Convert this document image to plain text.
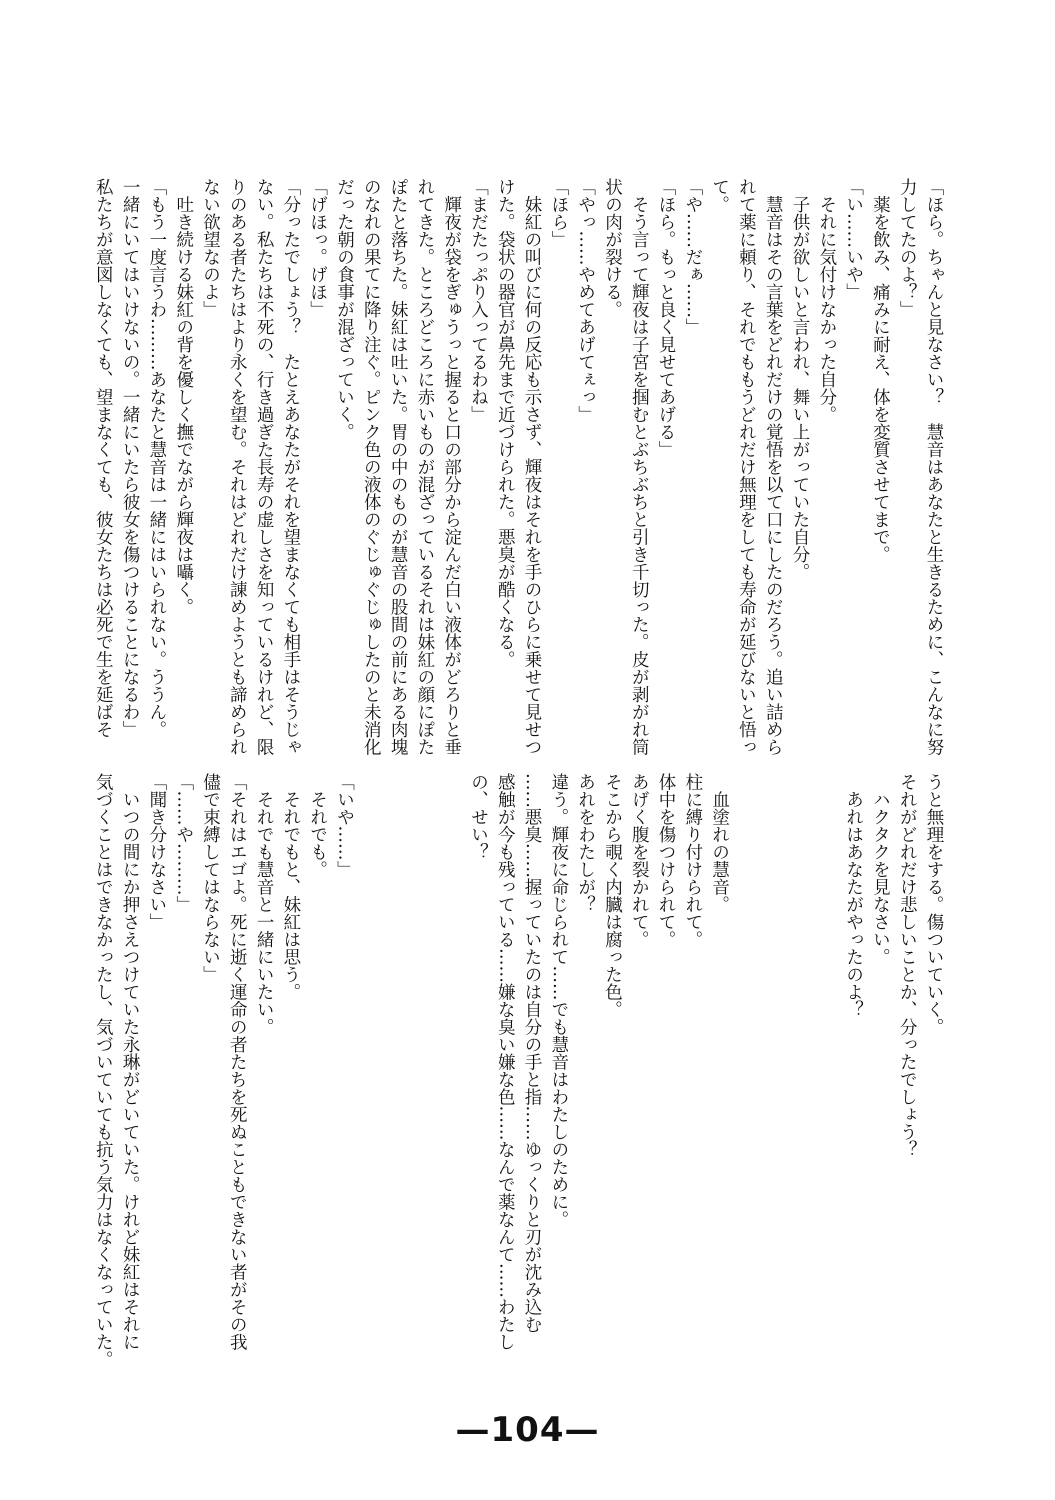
「ほら。ちゃんと見なさい？　慧音はあなたと生きるために、こんなに努

力してたのよ？」

　薬を飲み、痛みに耐え、体を変質させてまで。

「い……いや」

　それに気付けなかった自分。

　子供が欲しいと言われ、舞い上がっていた自分。

　慧音はその言葉をどれだけの覚悟を以て口にしたのだろう。追い詰めら

れて薬に頼り、それでももうどれだけ無理をしても寿命が延びないと悟っ

て。

「や……だぁ……」

「ほら。もっと良く見せてあげる」

　そう言って輝夜は子宮を掴むとぶちぶちと引き千切った。皮が剥がれ筒

状の肉が裂ける。

「やっ……やめてあげてぇっ」

「ほら」

　妹紅の叫びに何の反応も示さず、輝夜はそれを手のひらに乗せて見せつ

けた。袋状の器官が鼻先まで近づけられた。悪臭が酷くなる。

「まだたっぷり入ってるわね」

　輝夜が袋をぎゅうっと握ると口の部分から淀んだ白い液体がどろりと垂

れてきた。ところどころに赤いものが混ざっているそれは妹紅の顔にぽた

ぽたと落ちた。妹紅は吐いた。胃の中のものが慧音の股間の前にある肉塊

のなれの果てに降り注ぐ。ピンク色の液体のぐじゅぐじゅしたのと未消化

だった朝の食事が混ざっていく。

「げほっ。げほ」

「分ったでしょう？　たとえあなたがそれを望まなくても相手はそうじゃ

ない。私たちは不死の、行き過ぎた長寿の虚しさを知っているけれど、限

りのある者たちはより永くを望む。それはどれだけ諌めようとも諦められ

ない欲望なのよ」

　吐き続ける妹紅の背を優しく撫でながら輝夜は囁く。

「もう一度言うわ………あなたと慧音は一緒にはいられない。ううん。

一緒にいてはいけないの。一緒にいたら彼女を傷つけることになるわ」

私たちが意図しなくても、望まなくても、彼女たちは必死で生を延ばそ

うと無理をする。傷ついていく。

それがどれだけ悲しいことか、分ったでしょう？

　ハクタクを見なさい。

　あれはあなたがやったのよ？

　血塗れの慧音。

柱に縛り付けられて。

体中を傷つけられて。

あげく腹を裂かれて。

そこから覗く内臓は腐った色。

あれをわたしが？

違う。輝夜に命じられて……でも慧音はわたしのために。

……悪臭……握っていたのは自分の手と指……ゆっくりと刃が沈み込む

感触が今も残っている……嫌な臭い嫌な色……なんで薬なんて……わたし

の、せい？

「いや……」

　それでも。

　それでもと、妹紅は思う。

　それでも慧音と一緒にいたい。

「それはエゴよ。死に逝く運命の者たちを死ぬこともできない者がその我

儘で束縛してはならない」

「……や………」

「聞き分けなさい」

　いつの間にか押さえつけていた永琳がどいていた。けれど妹紅はそれに

気づくことはできなかったし、気づいていても抗う気力はなくなっていた。

—104—
